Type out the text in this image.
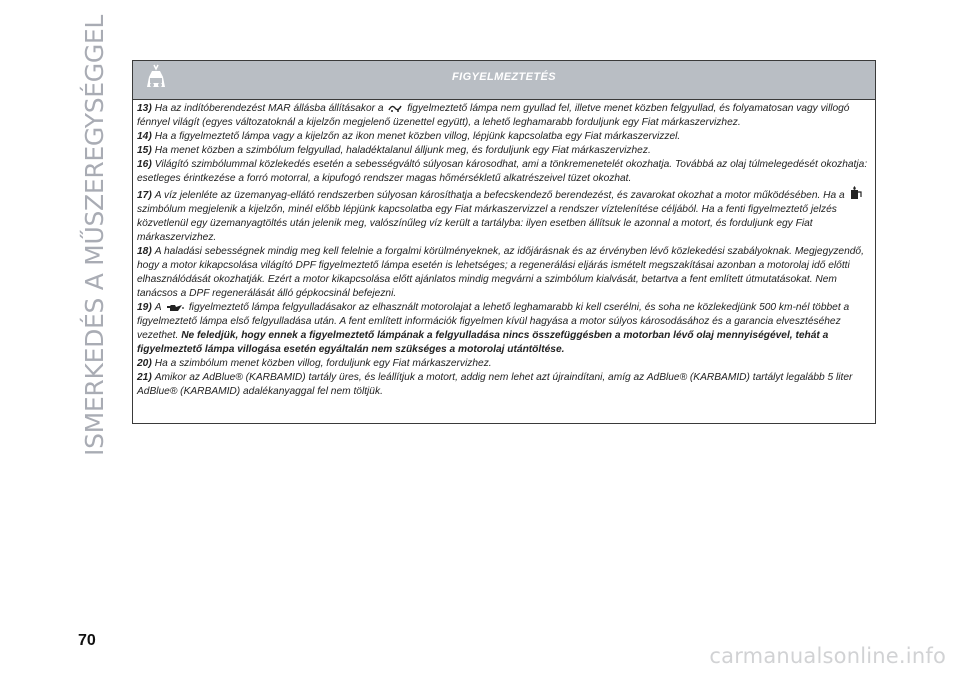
ISMERKEDÉS A MŰSZEREGYSÉGGEL	FIGYELMEZTETÉS

13) Ha az indítóberendezést MAR állásba állításakor a figyelmeztető lámpa nem gyullad fel, illetve menet közben felgyullad, és folyamatosan vagy villogó fénnyel világít (egyes változatoknál a kijelzőn megjelenő üzenettel együtt), a lehető leghamarabb forduljunk egy Fiat márkaszervizhez.

14) Ha a figyelmeztető lámpa vagy a kijelzőn az ikon menet közben villog, lépjünk kapcsolatba egy Fiat márkaszervizzel.

15) Ha menet közben a szimbólum felgyullad, haladéktalanul álljunk meg, és forduljunk egy Fiat márkaszervizhez.

16) Világító szimbólummal közlekedés esetén a sebességváltó súlyosan károsodhat, ami a tönkremenetelét okozhatja. Továbbá az olaj túlmelegedését okozhatja: esetleges érintkezése a forró motorral, a kipufogó rendszer magas hőmérsékletű alkatrészeivel tüzet okozhat.

17) A víz jelenléte az üzemanyag-ellátó rendszerben súlyosan károsíthatja a befecskendező berendezést, és zavarokat okozhat a motor működésében. Ha a  szimbólum megjelenik a kijelzőn, minél előbb lépjünk kapcsolatba egy Fiat márkaszervizzel a rendszer víztelenítése céljából. Ha a fenti figyelmeztető jelzés közvetlenül egy üzemanyagtöltés után jelenik meg, valószínűleg víz került a tartályba: ilyen esetben állítsuk le azonnal a motort, és forduljunk egy Fiat márkaszervizhez.

18) A haladási sebességnek mindig meg kell felelnie a forgalmi körülményeknek, az időjárásnak és az érvényben lévő közlekedési szabályoknak. Megjegyzendő, hogy a motor kikapcsolása világító DPF figyelmeztető lámpa esetén is lehetséges; a regenerálási eljárás ismételt megszakításai azonban a motorolaj idő előtti elhasználódását okozhatják. Ezért a motor kikapcsolása előtt ajánlatos mindig megvárni a szimbólum kialvását, betartva a fent említett útmutatásokat. Nem tanácsos a DPF regenerálását álló gépkocsinál befejezni.

19) A	figyelmeztető lámpa felgyulladásakor az elhasznált motorolajat a lehető leghamarabb ki kell cserélni, és soha ne közlekedjünk 500 km-nél többet a figyelmeztető lámpa első felgyulladása után. A fent említett információk figyelmen kívül hagyása a motor súlyos károsodásához és a garancia elvesztéséhez vezethet. Ne feledjük, hogy ennek a figyelmeztető lámpának a felgyulladása nincs összefüggésben a motorban lévő olaj mennyiségével, tehát a figyelmeztető lámpa villogása esetén egyáltalán nem szükséges a motorolaj utántöltése.

20) Ha a szimbólum menet közben villog, forduljunk egy Fiat márkaszervizhez.

21) Amikor az AdBlue® (KARBAMID) tartály üres, és leállítjuk a motort, addig nem lehet azt újraindítani, amíg az AdBlue® (KARBAMID) tartályt legalább 5 liter AdBlue® (KARBAMID) adalékanyaggal fel nem töltjük.

70
carmanualsonline.info
